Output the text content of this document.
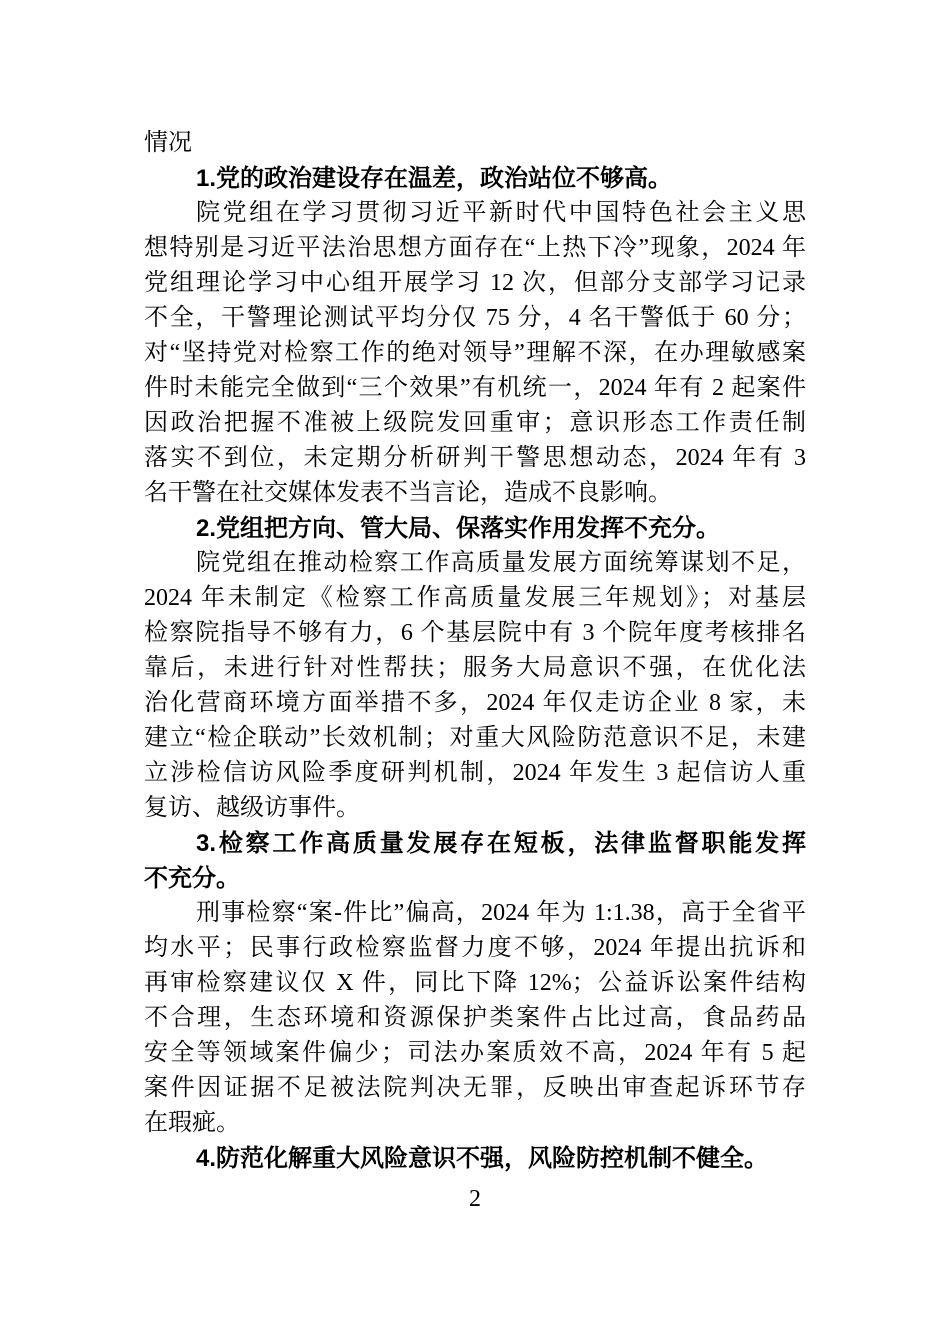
情况
1.党的政治建设存在温差，政治站位不够高。
院党组在学习贯彻习近平新时代中国特色社会主义思
想特别是习近平法治思想方面存在“上热下冷”现象，2024 年
党组理论学习中心组开展学习 12 次，但部分支部学习记录
不全，干警理论测试平均分仅 75 分，4 名干警低于 60 分；
对“坚持党对检察工作的绝对领导”理解不深，在办理敏感案
件时未能完全做到“三个效果”有机统一，2024 年有 2 起案件
因政治把握不准被上级院发回重审；意识形态工作责任制
落实不到位，未定期分析研判干警思想动态，2024 年有 3
名干警在社交媒体发表不当言论，造成不良影响。
2.党组把方向、管大局、保落实作用发挥不充分。
院党组在推动检察工作高质量发展方面统筹谋划不足，
2024 年未制定《检察工作高质量发展三年规划》；对基层
检察院指导不够有力，6 个基层院中有 3 个院年度考核排名
靠后，未进行针对性帮扶；服务大局意识不强，在优化法
治化营商环境方面举措不多，2024 年仅走访企业 8 家，未
建立“检企联动”长效机制；对重大风险防范意识不足，未建
立涉检信访风险季度研判机制，2024 年发生 3 起信访人重
复访、越级访事件。
3.检察工作高质量发展存在短板，法律监督职能发挥
不充分。
刑事检察“案-件比”偏高，2024 年为 1:1.38，高于全省平
均水平；民事行政检察监督力度不够，2024 年提出抗诉和
再审检察建议仅 X 件，同比下降 12%；公益诉讼案件结构
不合理，生态环境和资源保护类案件占比过高，食品药品
安全等领域案件偏少；司法办案质效不高，2024 年有 5 起
案件因证据不足被法院判决无罪，反映出审查起诉环节存
在瑕疵。
4.防范化解重大风险意识不强，风险防控机制不健全。
2
